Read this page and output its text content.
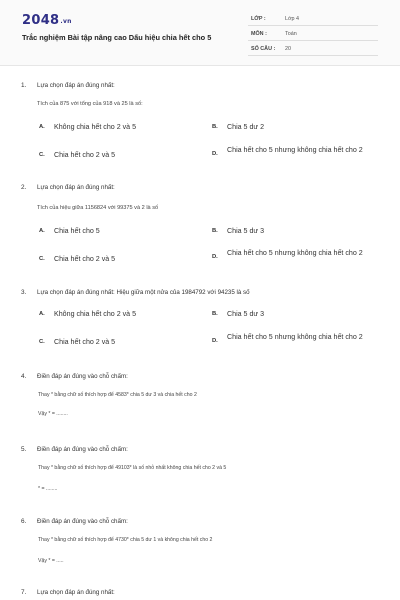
2048.vn
Trắc nghiệm Bài tập nâng cao Dấu hiệu chia hết cho 5
LỚP :	Lớp 4
MÔN :	Toán
SỐ CÂU : 20
1. Lựa chọn đáp án đúng nhất:
Tích của 875 với tổng của 918 và 25 là số:
A. Không chia hết cho 2 và 5	B. Chia 5 dư 2
C. Chia hết cho 2 và 5	D. Chia hết cho 5 nhưng không chia hết cho 2
2. Lựa chọn đáp án đúng nhất:
Tích của hiệu giữa 1156824 với 99375 và 2 là số
A. Chia hết cho 5	B. Chia 5 dư 3
C. Chia hết cho 2 và 5	D. Chia hết cho 5 nhưng không chia hết cho 2
3. Lựa chọn đáp án đúng nhất: Hiệu giữa một nửa của 1984792 với 94235 là số
A. Không chia hết cho 2 và 5	B. Chia 5 dư 3
C. Chia hết cho 2 và 5	D. Chia hết cho 5 nhưng không chia hết cho 2
4. Điền đáp án đúng vào chỗ chấm:
Thay * bằng chữ số thích hợp để 4583* chia 5 dư 3 và chia hết cho 2
Vậy * = ........
5. Điền đáp án đúng vào chỗ chấm:
Thay * bằng chữ số thích hợp để 49103* là số nhỏ nhất không chia hết cho 2 và 5
* = ........
6. Điền đáp án đúng vào chỗ chấm:
Thay * bằng chữ số thích hợp để 4730* chia 5 dư 1 và không chia hết cho 2
Vậy * = .....
7. Lựa chọn đáp án đúng nhất:
